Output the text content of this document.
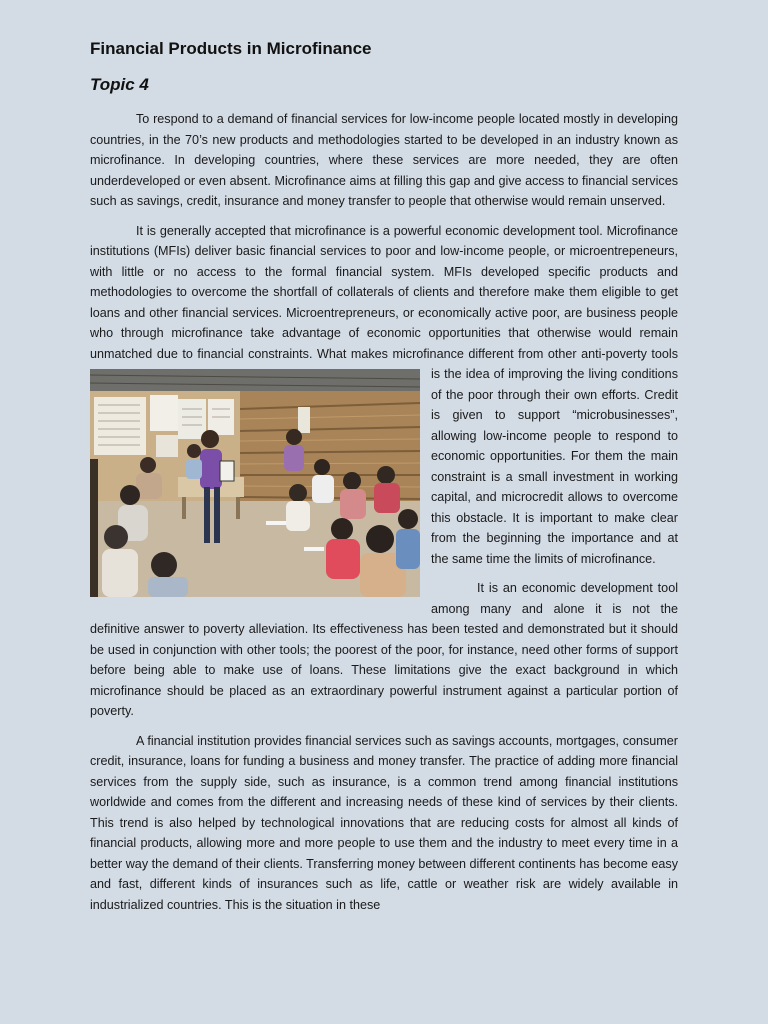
Financial Products in Microfinance
Topic 4

To respond to a demand of financial services for low-income people located mostly in developing countries, in the 70’s new products and methodologies started to be developed in an industry known as microfinance. In developing countries, where these services are more needed, they are often underdeveloped or even absent. Microfinance aims at filling this gap and give access to financial services such as savings, credit, insurance and money transfer to people that otherwise would remain unserved.

It is generally accepted that microfinance is a powerful economic development tool. Microfinance institutions (MFIs) deliver basic financial services to poor and low-income people, or microentrepeneurs, with little or no access to the formal financial system. MFIs developed specific products and methodologies to overcome the shortfall of collaterals of clients and therefore make them eligible to get loans and other financial services. Microentrepreneurs, or economically active poor, are business people who through microfinance take advantage of economic opportunities that otherwise would remain unmatched due to financial constraints. What makes microfinance different from other anti-poverty tools is the idea of improving the
living conditions of the poor through their own efforts. Credit is given to support “microbusinesses”, allowing low-income people to respond to economic opportunities. For them the main constraint is a small investment in working capital, and microcredit allows to overcome this obstacle. It is important to make clear from the beginning the importance and at the same time the limits of microfinance.

It is an economic development tool among many and alone it is not the definitive answer to poverty alleviation. Its effectiveness has been tested and demonstrated but it should be used in conjunction with other tools; the poorest of the poor, for instance, need other forms of support before being able to make use of loans. These limitations give the exact background in which microfinance should be placed as an extraordinary powerful instrument against a particular portion of poverty.

A financial institution provides financial services such as savings accounts, mortgages, consumer credit, insurance, loans for funding a business and money transfer. The practice of adding more financial services from the supply side, such as insurance, is a common trend among financial institutions worldwide and comes from the different and increasing needs of these kind of services by their clients. This trend is also helped by technological innovations that are reducing costs for almost all kinds of financial products, allowing more and more people to use them and the industry to meet every time in a better way the demand of their clients. Transferring money between different continents has become easy and fast, different kinds of insurances such as life, cattle or weather risk are widely available in industrialized countries. This is the situation in these
